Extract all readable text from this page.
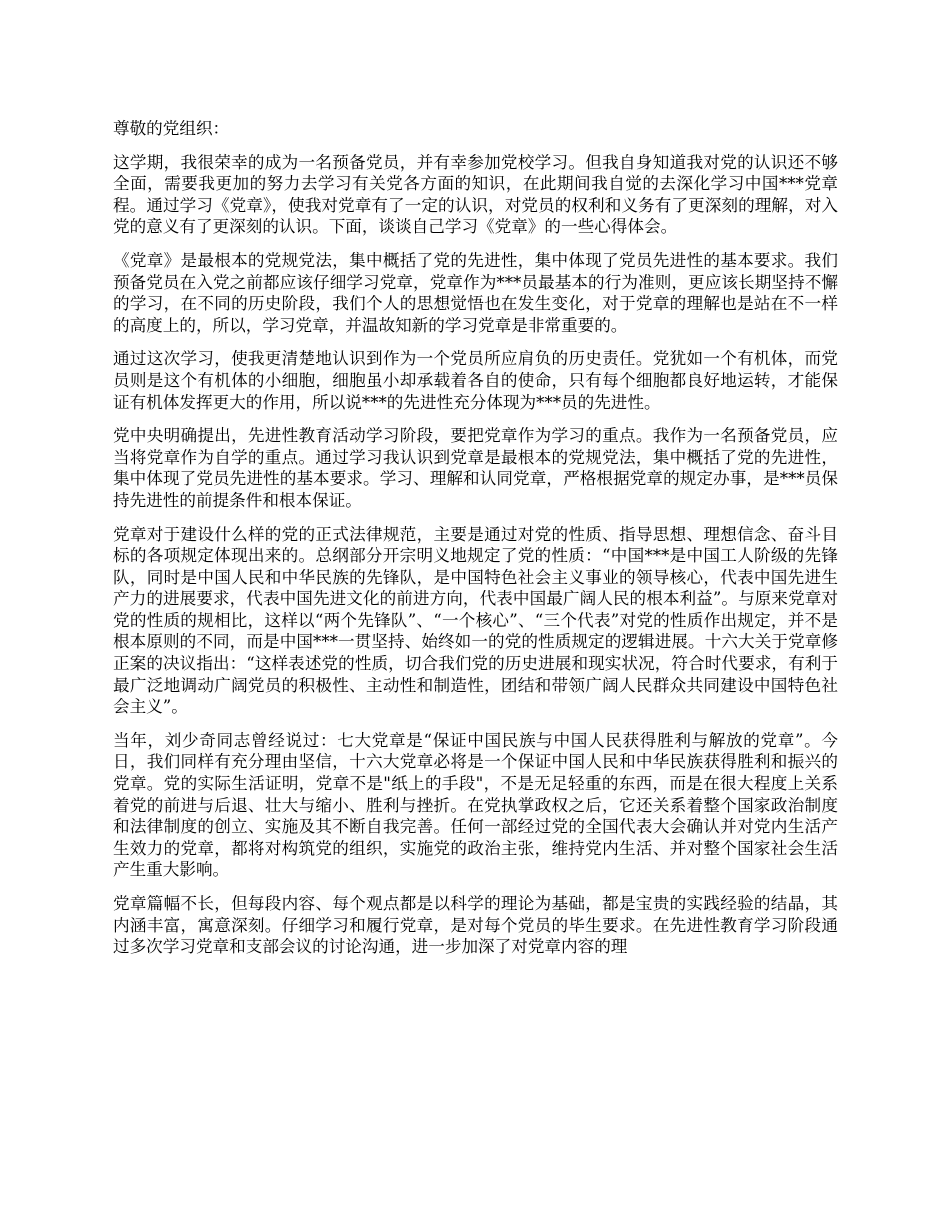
尊敬的党组织：

这学期，我很荣幸的成为一名预备党员，并有幸参加党校学习。但我自身知道我对党的认识还不够全面，需要我更加的努力去学习有关党各方面的知识，在此期间我自觉的去深化学习中国***党章程。通过学习《党章》，使我对党章有了一定的认识，对党员的权利和义务有了更深刻的理解，对入党的意义有了更深刻的认识。下面，谈谈自己学习《党章》的一些心得体会。

《党章》是最根本的党规党法，集中概括了党的先进性，集中体现了党员先进性的基本要求。我们预备党员在入党之前都应该仔细学习党章，党章作为***员最基本的行为准则，更应该长期坚持不懈的学习，在不同的历史阶段，我们个人的思想觉悟也在发生变化，对于党章的理解也是站在不一样的高度上的，所以，学习党章，并温故知新的学习党章是非常重要的。

通过这次学习，使我更清楚地认识到作为一个党员所应肩负的历史责任。党犹如一个有机体，而党员则是这个有机体的小细胞，细胞虽小却承载着各自的使命，只有每个细胞都良好地运转，才能保证有机体发挥更大的作用，所以说***的先进性充分体现为***员的先进性。

党中央明确提出，先进性教育活动学习阶段，要把党章作为学习的重点。我作为一名预备党员，应当将党章作为自学的重点。通过学习我认识到党章是最根本的党规党法，集中概括了党的先进性，集中体现了党员先进性的基本要求。学习、理解和认同党章，严格根据党章的规定办事，是***员保持先进性的前提条件和根本保证。

党章对于建设什么样的党的正式法律规范，主要是通过对党的性质、指导思想、理想信念、奋斗目标的各项规定体现出来的。总纲部分开宗明义地规定了党的性质：“中国***是中国工人阶级的先锋队，同时是中国人民和中华民族的先锋队，是中国特色社会主义事业的领导核心，代表中国先进生产力的进展要求，代表中国先进文化的前进方向，代表中国最广阔人民的根本利益”。与原来党章对党的性质的规相比，这样以“两个先锋队”、“一个核心”、“三个代表”对党的性质作出规定，并不是根本原则的不同，而是中国***一贯坚持、始终如一的党的性质规定的逻辑进展。十六大关于党章修正案的决议指出：“这样表述党的性质，切合我们党的历史进展和现实状况，符合时代要求，有利于最广泛地调动广阔党员的积极性、主动性和制造性，团结和带领广阔人民群众共同建设中国特色社会主义”。

当年，刘少奇同志曾经说过：七大党章是“保证中国民族与中国人民获得胜利与解放的党章”。今日，我们同样有充分理由坚信，十六大党章必将是一个保证中国人民和中华民族获得胜利和振兴的党章。党的实际生活证明，党章不是"纸上的手段"，不是无足轻重的东西，而是在很大程度上关系着党的前进与后退、壮大与缩小、胜利与挫折。在党执掌政权之后，它还关系着整个国家政治制度和法律制度的创立、实施及其不断自我完善。任何一部经过党的全国代表大会确认并对党内生活产生效力的党章，都将对构筑党的组织，实施党的政治主张，维持党内生活、并对整个国家社会生活产生重大影响。

党章篇幅不长，但每段内容、每个观点都是以科学的理论为基础，都是宝贵的实践经验的结晶，其内涵丰富，寓意深刻。仔细学习和履行党章，是对每个党员的毕生要求。在先进性教育学习阶段通过多次学习党章和支部会议的讨论沟通，进一步加深了对党章内容的理
